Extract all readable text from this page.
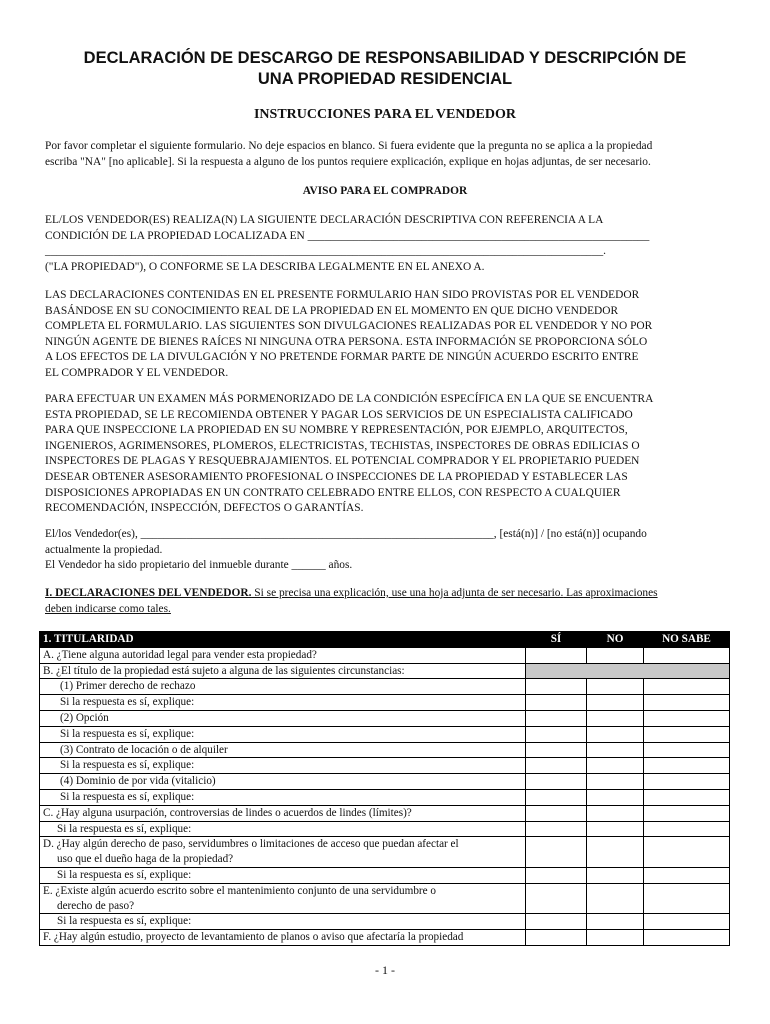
DECLARACIÓN DE DESCARGO DE RESPONSABILIDAD Y DESCRIPCIÓN DE
UNA PROPIEDAD RESIDENCIAL
INSTRUCCIONES PARA EL VENDEDOR
Por favor completar el siguiente formulario. No deje espacios en blanco. Si fuera evidente que la pregunta no se aplica a la propiedad
escriba "NA" [no aplicable]. Si la respuesta a alguno de los puntos requiere explicación, explique en hojas adjuntas, de ser necesario.
AVISO PARA EL COMPRADOR
EL/LOS VENDEDOR(ES) REALIZA(N) LA SIGUIENTE DECLARACIÓN DESCRIPTIVA CON REFERENCIA A LA
CONDICIÓN DE LA PROPIEDAD LOCALIZADA EN ____________________________________________________________
__________________________________________________________________________________________________.
("LA PROPIEDAD"), O CONFORME SE LA DESCRIBA LEGALMENTE EN EL ANEXO A.
LAS DECLARACIONES CONTENIDAS EN EL PRESENTE FORMULARIO HAN SIDO PROVISTAS POR EL VENDEDOR
BASÁNDOSE EN SU CONOCIMIENTO REAL DE LA PROPIEDAD EN EL MOMENTO EN QUE DICHO VENDEDOR
COMPLETA EL FORMULARIO. LAS SIGUIENTES SON DIVULGACIONES REALIZADAS POR EL VENDEDOR Y NO POR
NINGÚN AGENTE DE BIENES RAÍCES NI NINGUNA OTRA PERSONA. ESTA INFORMACIÓN SE PROPORCIONA SÓLO
A LOS EFECTOS DE LA DIVULGACIÓN Y NO PRETENDE FORMAR PARTE DE NINGÚN ACUERDO ESCRITO ENTRE
EL COMPRADOR Y EL VENDEDOR.
PARA EFECTUAR UN EXAMEN MÁS PORMENORIZADO DE LA CONDICIÓN ESPECÍFICA EN LA QUE SE ENCUENTRA
ESTA PROPIEDAD, SE LE RECOMIENDA OBTENER Y PAGAR LOS SERVICIOS DE UN ESPECIALISTA CALIFICADO
PARA QUE INSPECCIONE LA PROPIEDAD EN SU NOMBRE Y REPRESENTACIÓN, POR EJEMPLO, ARQUITECTOS,
INGENIEROS, AGRIMENSORES, PLOMEROS, ELECTRICISTAS, TECHISTAS, INSPECTORES DE OBRAS EDILICIAS O
INSPECTORES DE PLAGAS Y RESQUEBRAJAMIENTOS. EL POTENCIAL COMPRADOR Y EL PROPIETARIO PUEDEN
DESEAR OBTENER ASESORAMIENTO PROFESIONAL O INSPECCIONES DE LA PROPIEDAD Y ESTABLECER LAS
DISPOSICIONES APROPIADAS EN UN CONTRATO CELEBRADO ENTRE ELLOS, CON RESPECTO A CUALQUIER
RECOMENDACIÓN, INSPECCIÓN, DEFECTOS O GARANTÍAS.
El/los Vendedor(es), ______________________________________________________________, [está(n)] / [no está(n)] ocupando
actualmente la propiedad.
El Vendedor ha sido propietario del inmueble durante ______ años.
I. DECLARACIONES DEL VENDEDOR. Si se precisa una explicación, use una hoja adjunta de ser necesario. Las aproximaciones
deben indicarse como tales.
1. TITULARIDAD	SÍ	NO	NO SABE
A. ¿Tiene alguna autoridad legal para vender esta propiedad?			
B. ¿El título de la propiedad está sujeto a alguna de las siguientes circunstancias:			
(1) Primer derecho de rechazo			
Si la respuesta es sí, explique:			
(2) Opción			
Si la respuesta es sí, explique:			
(3) Contrato de locación o de alquiler			
Si la respuesta es sí, explique:			
(4) Dominio de por vida (vitalicio)			
Si la respuesta es sí, explique:			
C. ¿Hay alguna usurpación, controversias de lindes o acuerdos de lindes (límites)?			
Si la respuesta es sí, explique:			

D. ¿Hay algún derecho de paso, servidumbres o limitaciones de acceso que puedan afectar el
uso que el dueño haga de la propiedad?			

Si la respuesta es sí, explique:			

E. ¿Existe algún acuerdo escrito sobre el mantenimiento conjunto de una servidumbre o
derecho de paso?			

Si la respuesta es sí, explique:			
F. ¿Hay algún estudio, proyecto de levantamiento de planos o aviso que afectaría la propiedad			
- 1 -
